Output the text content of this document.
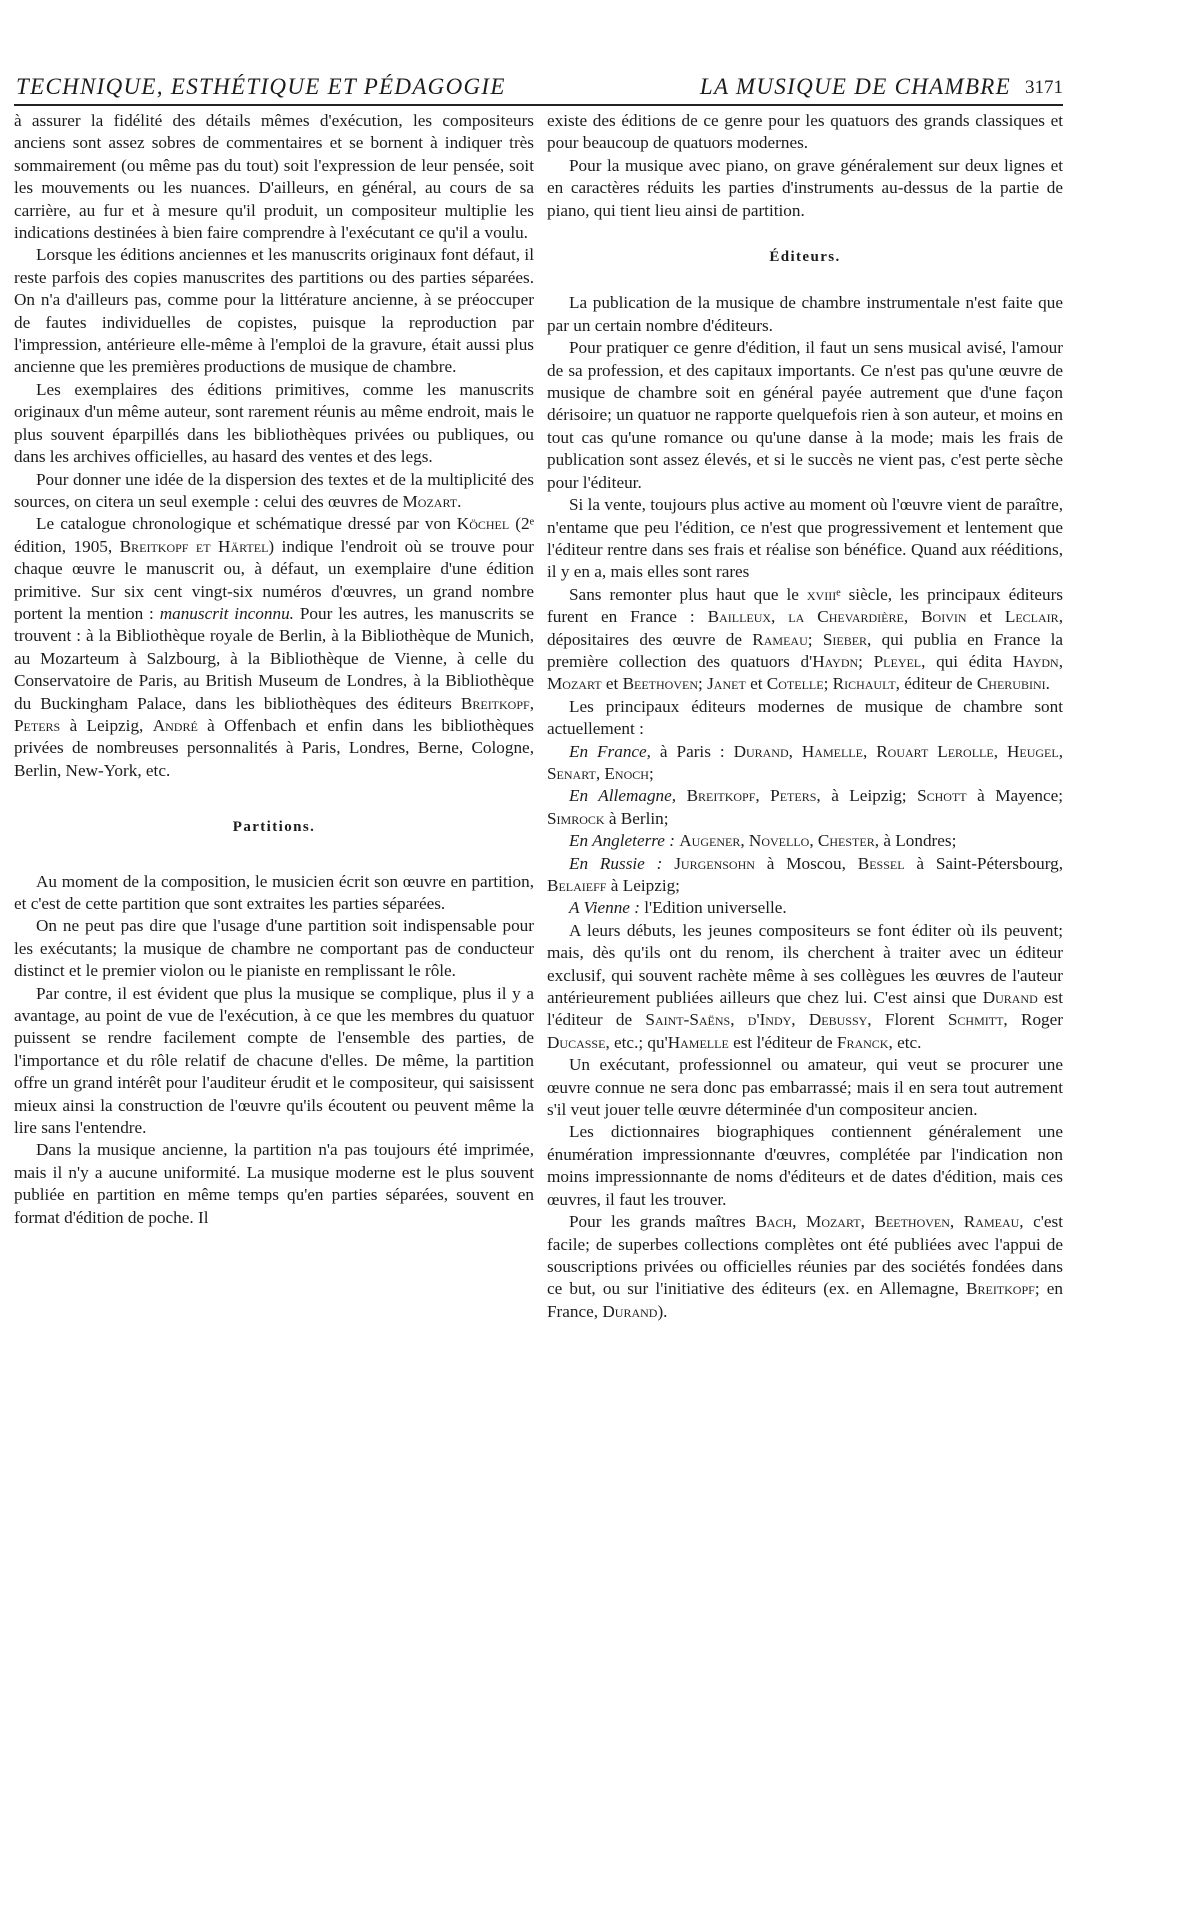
TECHNIQUE, ESTHÉTIQUE ET PÉDAGOGIE	LA MUSIQUE DE CHAMBRE 3171

à assurer la fidélité des détails mêmes d'exécution, les compositeurs anciens sont assez sobres de commentaires et se bornent à indiquer très sommairement (ou même pas du tout) soit l'expression de leur pensée, soit les mouvements ou les nuances. D'ailleurs, en général, au cours de sa carrière, au fur et à mesure qu'il produit, un compositeur multiplie les indications destinées à bien faire comprendre à l'exécutant ce qu'il a voulu.

Lorsque les éditions anciennes et les manuscrits originaux font défaut, il reste parfois des copies manuscrites des partitions ou des parties séparées. On n'a d'ailleurs pas, comme pour la littérature ancienne, à se préoccuper de fautes individuelles de copistes, puisque la reproduction par l'impression, antérieure elle-même à l'emploi de la gravure, était aussi plus ancienne que les premières productions de musique de chambre.

Les exemplaires des éditions primitives, comme les manuscrits originaux d'un même auteur, sont rarement réunis au même endroit, mais le plus souvent éparpillés dans les bibliothèques privées ou publiques, ou dans les archives officielles, au hasard des ventes et des legs.

Pour donner une idée de la dispersion des textes et de la multiplicité des sources, on citera un seul exemple : celui des œuvres de Mozart.

Le catalogue chronologique et schématique dressé par von Köchel (2ᵉ édition, 1905, Breitkopf et Härtel) indique l'endroit où se trouve pour chaque œuvre le manuscrit ou, à défaut, un exemplaire d'une édition primitive. Sur six cent vingt-six numéros d'œuvres, un grand nombre portent la mention : manuscrit inconnu. Pour les autres, les manuscrits se trouvent : à la Bibliothèque royale de Berlin, à la Bibliothèque de Munich, au Mozarteum à Salzbourg, à la Bibliothèque de Vienne, à celle du Conservatoire de Paris, au British Museum de Londres, à la Bibliothèque du Buckingham Palace, dans les bibliothèques des éditeurs Breitkopf, Peters à Leipzig, André à Offenbach et enfin dans les bibliothèques privées de nombreuses personnalités à Paris, Londres, Berne, Cologne, Berlin, New-York, etc.

Partitions.

Au moment de la composition, le musicien écrit son œuvre en partition, et c'est de cette partition que sont extraites les parties séparées.

On ne peut pas dire que l'usage d'une partition soit indispensable pour les exécutants; la musique de chambre ne comportant pas de conducteur distinct et le premier violon ou le pianiste en remplissant le rôle.

Par contre, il est évident que plus la musique se complique, plus il y a avantage, au point de vue de l'exécution, à ce que les membres du quatuor puissent se rendre facilement compte de l'ensemble des parties, de l'importance et du rôle relatif de chacune d'elles. De même, la partition offre un grand intérêt pour l'auditeur érudit et le compositeur, qui saisissent mieux ainsi la construction de l'œuvre qu'ils écoutent ou peuvent même la lire sans l'entendre.

Dans la musique ancienne, la partition n'a pas toujours été imprimée, mais il n'y a aucune uniformité. La musique moderne est le plus souvent publiée en partition en même temps qu'en parties séparées, souvent en format d'édition de poche. Il

existe des éditions de ce genre pour les quatuors des grands classiques et pour beaucoup de quatuors modernes.

Pour la musique avec piano, on grave généralement sur deux lignes et en caractères réduits les parties d'instruments au-dessus de la partie de piano, qui tient lieu ainsi de partition.

Éditeurs.

La publication de la musique de chambre instrumentale n'est faite que par un certain nombre d'éditeurs.

Pour pratiquer ce genre d'édition, il faut un sens musical avisé, l'amour de sa profession, et des capitaux importants. Ce n'est pas qu'une œuvre de musique de chambre soit en général payée autrement que d'une façon dérisoire; un quatuor ne rapporte quelquefois rien à son auteur, et moins en tout cas qu'une romance ou qu'une danse à la mode; mais les frais de publication sont assez élevés, et si le succès ne vient pas, c'est perte sèche pour l'éditeur.

Si la vente, toujours plus active au moment où l'œuvre vient de paraître, n'entame que peu l'édition, ce n'est que progressivement et lentement que l'éditeur rentre dans ses frais et réalise son bénéfice. Quand aux rééditions, il y en a, mais elles sont rares

Sans remonter plus haut que le xviiiᵉ siècle, les principaux éditeurs furent en France : Bailleux, la Chevardière, Boivin et Leclair, dépositaires des œuvre de Rameau; Sieber, qui publia en France la première collection des quatuors d'Haydn; Pleyel, qui édita Haydn, Mozart et Beethoven; Janet et Cotelle; Richault, éditeur de Cherubini.

Les principaux éditeurs modernes de musique de chambre sont actuellement :

En France, à Paris : Durand, Hamelle, Rouart Lerolle, Heugel, Senart, Enoch;

En Allemagne, Breitkopf, Peters, à Leipzig; Schott à Mayence; Simrock à Berlin;

En Angleterre : Augener, Novello, Chester, à Londres;

En Russie : Jurgensohn à Moscou, Bessel à Saint-Pétersbourg, Belaieff à Leipzig;

A Vienne : l'Edition universelle.

A leurs débuts, les jeunes compositeurs se font éditer où ils peuvent; mais, dès qu'ils ont du renom, ils cherchent à traiter avec un éditeur exclusif, qui souvent rachète même à ses collègues les œuvres de l'auteur antérieurement publiées ailleurs que chez lui. C'est ainsi que Durand est l'éditeur de Saint-Saëns, d'Indy, Debussy, Florent Schmitt, Roger Ducasse, etc.; qu'Hamelle est l'éditeur de Franck, etc.

Un exécutant, professionnel ou amateur, qui veut se procurer une œuvre connue ne sera donc pas embarrassé; mais il en sera tout autrement s'il veut jouer telle œuvre déterminée d'un compositeur ancien.

Les dictionnaires biographiques contiennent généralement une énumération impressionnante d'œuvres, complétée par l'indication non moins impressionnante de noms d'éditeurs et de dates d'édition, mais ces œuvres, il faut les trouver.

Pour les grands maîtres Bach, Mozart, Beethoven, Rameau, c'est facile; de superbes collections complètes ont été publiées avec l'appui de souscriptions privées ou officielles réunies par des sociétés fondées dans ce but, ou sur l'initiative des éditeurs (ex. en Allemagne, Breitkopf; en France, Durand).
